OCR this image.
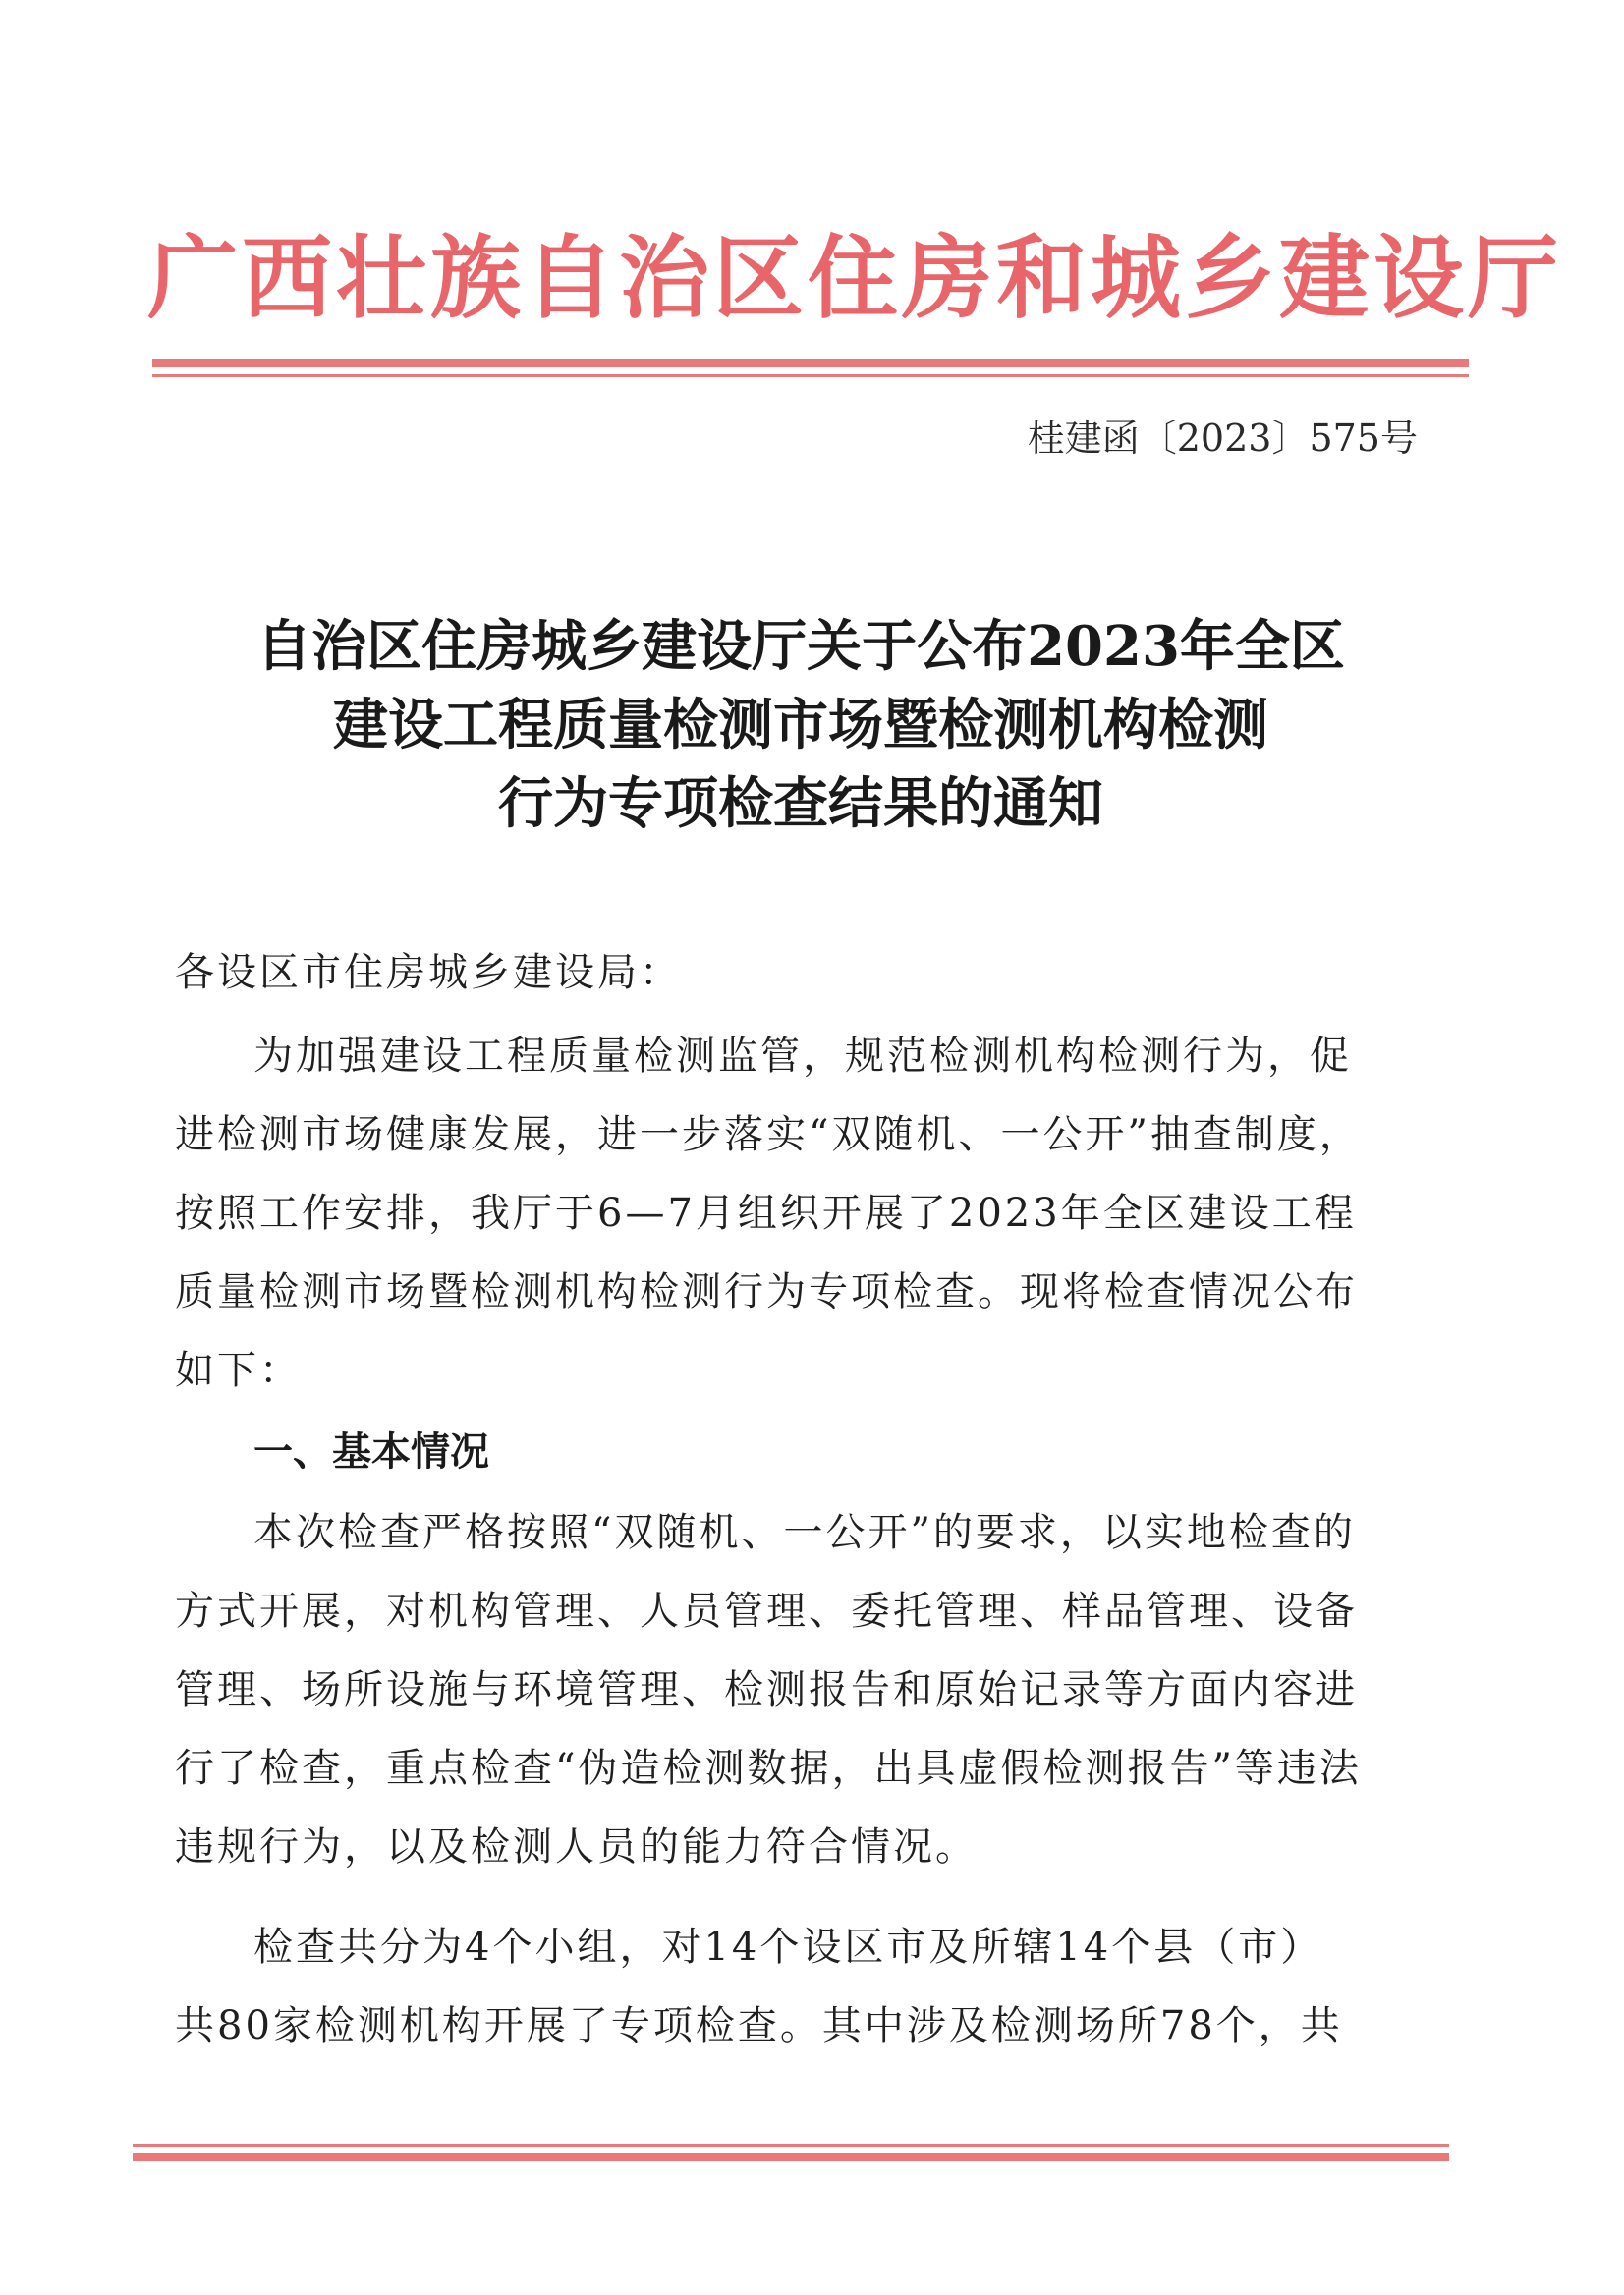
广西壮族自治区住房和城乡建设厅
桂建函〔2023〕575号
自治区住房城乡建设厅关于公布2023年全区
建设工程质量检测市场暨检测机构检测
行为专项检查结果的通知
各设区市住房城乡建设局：
为加强建设工程质量检测监管，规范检测机构检测行为，促
进检测市场健康发展，进一步落实“双随机、一公开”抽查制度，
按照工作安排，我厅于6—7月组织开展了2023年全区建设工程
质量检测市场暨检测机构检测行为专项检查。现将检查情况公布
如下：
一、基本情况
本次检查严格按照“双随机、一公开”的要求，以实地检查的
方式开展，对机构管理、人员管理、委托管理、样品管理、设备
管理、场所设施与环境管理、检测报告和原始记录等方面内容进
行了检查，重点检查“伪造检测数据，出具虚假检测报告”等违法
违规行为，以及检测人员的能力符合情况。
检查共分为4个小组，对14个设区市及所辖14个县（市）
共80家检测机构开展了专项检查。其中涉及检测场所78个，共
